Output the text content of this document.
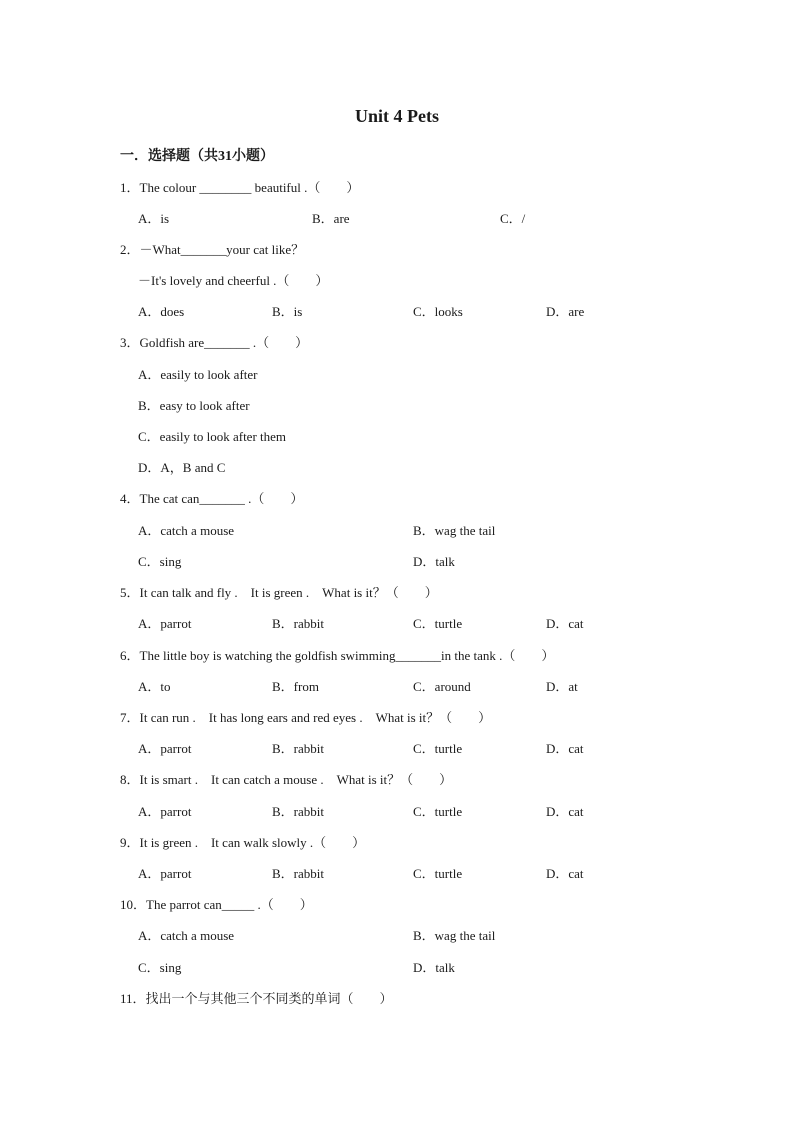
Unit 4 Pets
一．选择题（共31小题）
1．The colour ________ beautiful .（　　）
A．is	B．are	C．/
2．－What_______your cat like？
－It's lovely and cheerful .（　　）
A．does	B．is	C．looks	D．are
3．Goldfish are_______ .（　　）
A．easily to look after
B．easy to look after
C．easily to look after them
D．A，B and C
4．The cat can_______ .（　　）
A．catch a mouse	B．wag the tail
C．sing	D．talk
5．It can talk and fly .　It is green .　What is it？（　　）
A．parrot	B．rabbit	C．turtle	D．cat
6．The little boy is watching the goldfish swimming_______in the tank .（　　）
A．to	B．from	C．around	D．at
7．It can run .　It has long ears and red eyes .　What is it？（　　）
A．parrot	B．rabbit	C．turtle	D．cat
8．It is smart .　It can catch a mouse .　What is it？（　　）
A．parrot	B．rabbit	C．turtle	D．cat
9．It is green .　It can walk slowly .（　　）
A．parrot	B．rabbit	C．turtle	D．cat
10．The parrot can_____ .（　　）
A．catch a mouse	B．wag the tail
C．sing	D．talk
11．找出一个与其他三个不同类的单词（　　）
